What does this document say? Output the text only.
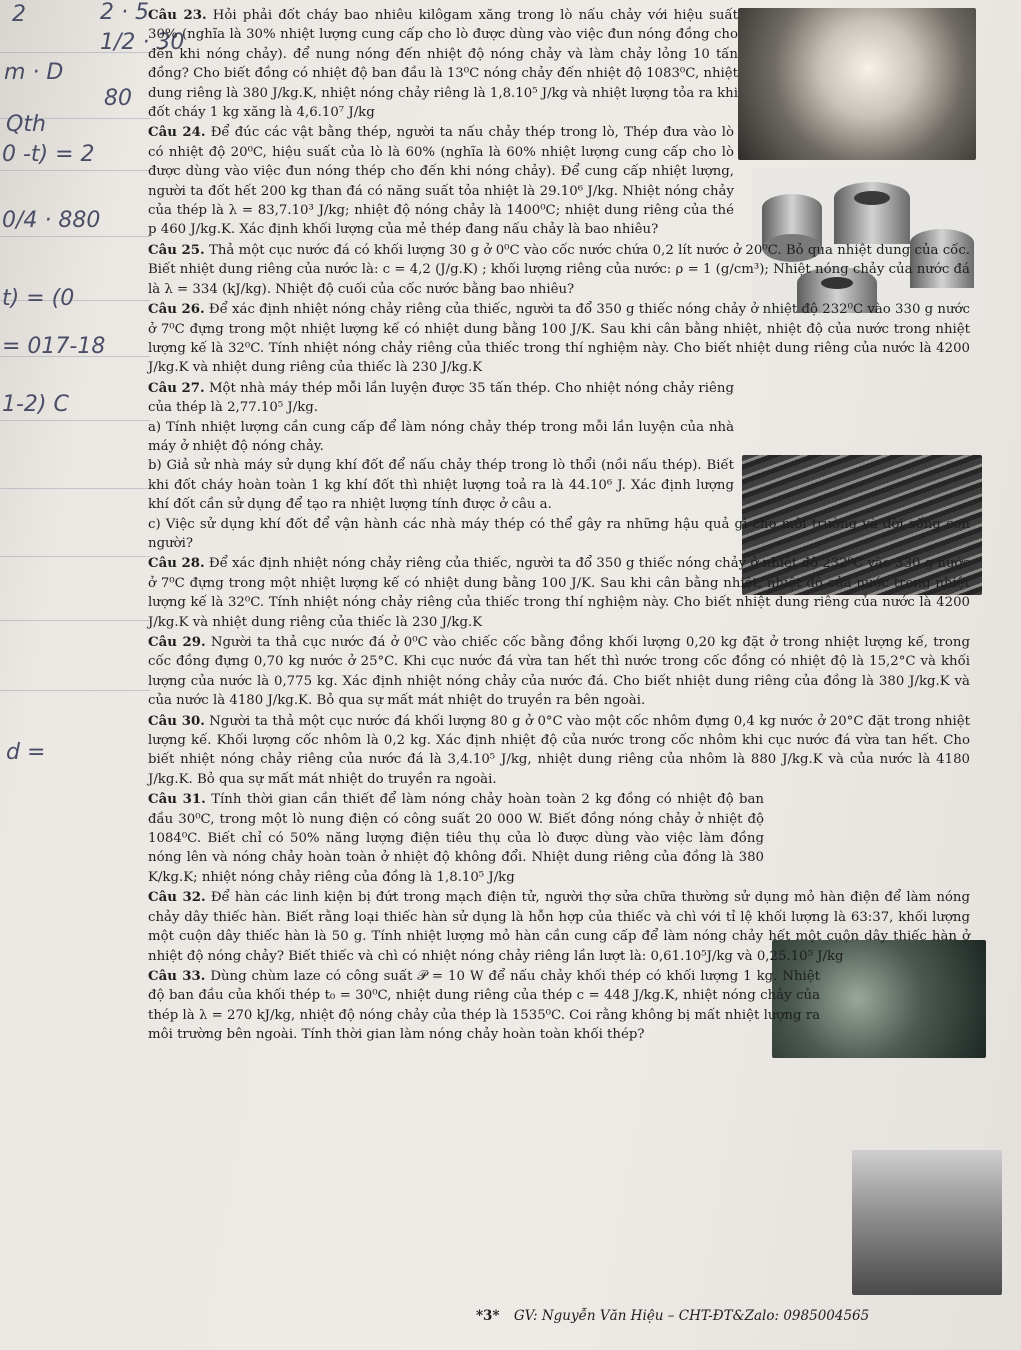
2	2 · 5
1/2 · 30
m · D
80
Qth
0 -t) = 2
0/4 · 880
t) = (0
= 017-18
1-2) C
d =

Câu 23. Hỏi phải đốt cháy bao nhiêu kilôgam xăng trong lò nấu chảy với hiệu suất 30% (nghĩa là 30% nhiệt lượng cung cấp cho lò được dùng vào việc đun nóng đồng cho đến khi nóng chảy). để nung nóng đến nhiệt độ nóng chảy và làm chảy lỏng 10 tấn đồng? Cho biết đồng có nhiệt độ ban đầu là 13⁰C nóng chảy đến nhiệt độ 1083⁰C, nhiệt dung riêng là 380 J/kg.K, nhiệt nóng chảy riêng là 1,8.10⁵ J/kg và nhiệt lượng tỏa ra khi đốt cháy 1 kg xăng là 4,6.10⁷ J/kg

Câu 24. Để đúc các vật bằng thép, người ta nấu chảy thép trong lò, Thép đưa vào lò có nhiệt độ 20⁰C, hiệu suất của lò là 60% (nghĩa là 60% nhiệt lượng cung cấp cho lò được dùng vào việc đun nóng thép cho đến khi nóng chảy). Để cung cấp nhiệt lượng, người ta đốt hết 200 kg than đá có năng suất tỏa nhiệt là 29.10⁶ J/kg. Nhiệt nóng chảy của thép là λ = 83,7.10³ J/kg; nhiệt độ nóng chảy là 1400⁰C; nhiệt dung riêng của thé p 460 J/kg.K. Xác định khối lượng của mẻ thép đang nấu chảy là bao nhiêu?

Câu 25. Thả một cục nước đá có khối lượng 30 g ở 0⁰C vào cốc nước chứa 0,2 lít nước ở 20⁰C. Bỏ qua nhiệt dung của cốc. Biết nhiệt dung riêng của nước là: c = 4,2 (J/g.K) ; khối lượng riêng của nước: ρ = 1 (g/cm³); Nhiệt nóng chảy của nước đá là λ = 334 (kJ/kg). Nhiệt độ cuối của cốc nước bằng bao nhiêu?

Câu 26. Để xác định nhiệt nóng chảy riêng của thiếc, người ta đổ 350 g thiếc nóng chảy ở nhiệt độ 232⁰C vào 330 g nước ở 7⁰C đựng trong một nhiệt lượng kế có nhiệt dung bằng 100 J/K. Sau khi cân bằng nhiệt, nhiệt độ của nước trong nhiệt lượng kế là 32⁰C. Tính nhiệt nóng chảy riêng của thiếc trong thí nghiệm này. Cho biết nhiệt dung riêng của nước là 4200 J/kg.K và nhiệt dung riêng của thiếc là 230 J/kg.K

Câu 27. Một nhà máy thép mỗi lần luyện được 35 tấn thép. Cho nhiệt nóng chảy riêng của thép là 2,77.10⁵ J/kg.
a) Tính nhiệt lượng cần cung cấp để làm nóng chảy thép trong mỗi lần luyện của nhà máy ở nhiệt độ nóng chảy.
b) Giả sử nhà máy sử dụng khí đốt để nấu chảy thép trong lò thổi (nồi nấu thép). Biết khi đốt cháy hoàn toàn 1 kg khí đốt thì nhiệt lượng toả ra là 44.10⁶ J. Xác định lượng khí đốt cần sử dụng để tạo ra nhiệt lượng tính được ở câu a.
c) Việc sử dụng khí đốt để vận hành các nhà máy thép có thể gây ra những hậu quả gì cho môi trường và đời sống con người?

Câu 28. Để xác định nhiệt nóng chảy riêng của thiếc, người ta đổ 350 g thiếc nóng chảy ở nhiệt độ 232⁰C vào 330 g nước ở 7⁰C đựng trong một nhiệt lượng kế có nhiệt dung bằng 100 J/K. Sau khi cân bằng nhiệt, nhiệt độ của nước trong nhiệt lượng kế là 32⁰C. Tính nhiệt nóng chảy riêng của thiếc trong thí nghiệm này. Cho biết nhiệt dung riêng của nước là 4200 J/kg.K và nhiệt dung riêng của thiếc là 230 J/kg.K

Câu 29. Người ta thả cục nước đá ở 0⁰C vào chiếc cốc bằng đồng khối lượng 0,20 kg đặt ở trong nhiệt lượng kế, trong cốc đồng đựng 0,70 kg nước ở 25°C. Khi cục nước đá vừa tan hết thì nước trong cốc đồng có nhiệt độ là 15,2°C và khối lượng của nước là 0,775 kg. Xác định nhiệt nóng chảy của nước đá. Cho biết nhiệt dung riêng của đồng là 380 J/kg.K và của nước là 4180 J/kg.K. Bỏ qua sự mất mát nhiệt do truyền ra bên ngoài.

Câu 30. Người ta thả một cục nước đá khối lượng 80 g ở 0°C vào một cốc nhôm đựng 0,4 kg nước ở 20°C đặt trong nhiệt lượng kế. Khối lượng cốc nhôm là 0,2 kg. Xác định nhiệt độ của nước trong cốc nhôm khi cục nước đá vừa tan hết. Cho biết nhiệt nóng chảy riêng của nước đá là 3,4.10⁵ J/kg, nhiệt dung riêng của nhôm là 880 J/kg.K và của nước là 4180 J/kg.K. Bỏ qua sự mất mát nhiệt do truyền ra ngoài.

Câu 31. Tính thời gian cần thiết để làm nóng chảy hoàn toàn 2 kg đồng có nhiệt độ ban đầu 30⁰C, trong một lò nung điện có công suất 20 000 W. Biết đồng nóng chảy ở nhiệt độ 1084⁰C. Biết chỉ có 50% năng lượng điện tiêu thụ của lò được dùng vào việc làm đồng nóng lên và nóng chảy hoàn toàn ở nhiệt độ không đổi. Nhiệt dung riêng của đồng là 380 K/kg.K; nhiệt nóng chảy riêng của đồng là 1,8.10⁵ J/kg

Câu 32. Để hàn các linh kiện bị đứt trong mạch điện tử, người thợ sửa chữa thường sử dụng mỏ hàn điện để làm nóng chảy dây thiếc hàn. Biết rằng loại thiếc hàn sử dụng là hỗn hợp của thiếc và chì với tỉ lệ khối lượng là 63:37, khối lượng một cuộn dây thiếc hàn là 50 g. Tính nhiệt lượng mỏ hàn cần cung cấp để làm nóng chảy hết một cuộn dây thiếc hàn ở nhiệt độ nóng chảy? Biết thiếc và chì có nhiệt nóng chảy riêng lần lượt là: 0,61.10⁵J/kg và 0,25.10⁵ J/kg

Câu 33. Dùng chùm laze có công suất 𝒫 = 10 W để nấu chảy khối thép có khối lượng 1 kg. Nhiệt độ ban đầu của khối thép t₀ = 30⁰C, nhiệt dung riêng của thép c = 448 J/kg.K, nhiệt nóng chảy của thép là λ = 270 kJ/kg, nhiệt độ nóng chảy của thép là 1535⁰C. Coi rằng không bị mất nhiệt lượng ra môi trường bên ngoài. Tính thời gian làm nóng chảy hoàn toàn khối thép?

*3* GV: Nguyễn Văn Hiệu – CHT-ĐT&Zalo: 0985004565
